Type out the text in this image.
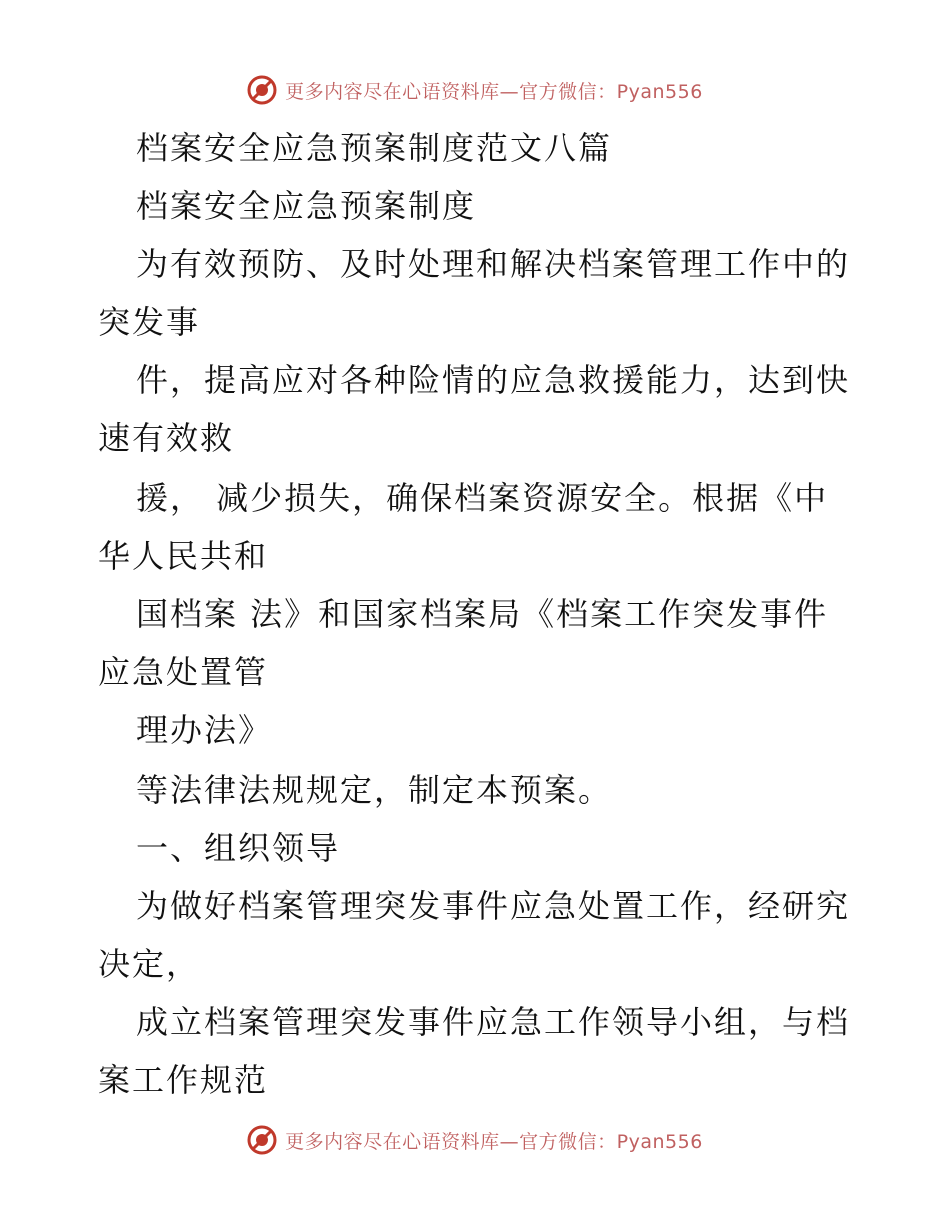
更多内容尽在心语资料库—官方微信：Pyan556
档案安全应急预案制度范文八篇
档案安全应急预案制度
为有效预防、及时处理和解决档案管理工作中的
突发事
件，提高应对各种险情的应急救援能力，达到快
速有效救
援， 减少损失，确保档案资源安全。根据《中
华人民共和
国档案 法》和国家档案局《档案工作突发事件
应急处置管
理办法》
等法律法规规定，制定本预案。
一、组织领导
为做好档案管理突发事件应急处置工作，经研究
决定，
成立档案管理突发事件应急工作领导小组，与档
案工作规范
更多内容尽在心语资料库—官方微信：Pyan556
